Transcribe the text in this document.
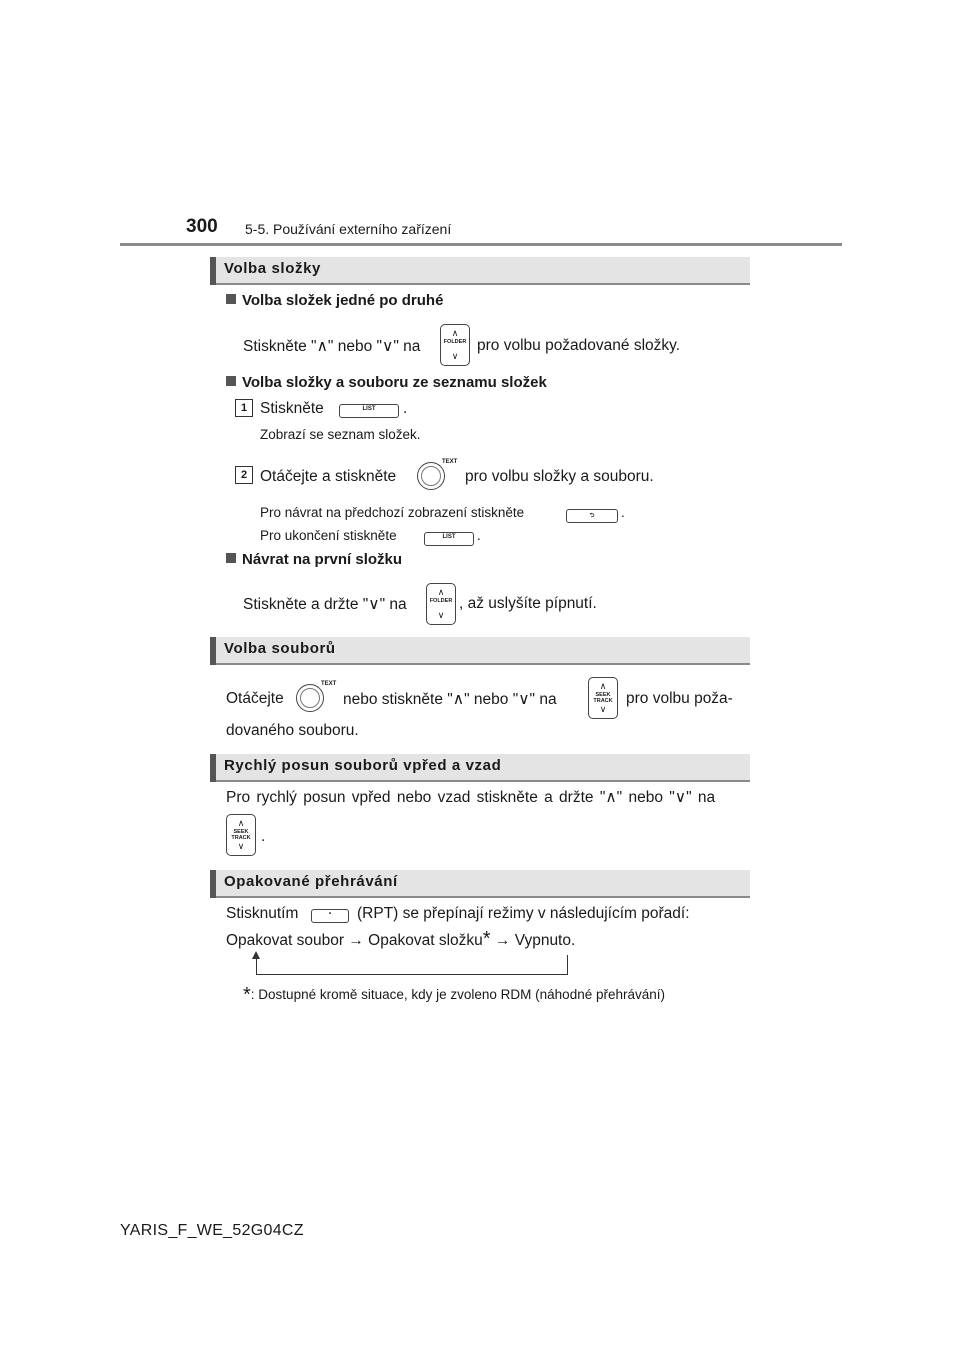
300 5-5. Používání externího zařízení
Volba složky
Volba složek jedné po druhé
Stiskněte "∧" nebo "∨" na
∧
FOLDER
∨
pro volbu požadované složky.
Volba složky a souboru ze seznamu složek
1 Stiskněte	LIST	.
Zobrazí se seznam složek.
2 Otáčejte a stiskněte
TEXT
pro volbu složky a souboru.
Pro návrat na předchozí zobrazení stiskněte	⮌	.
Pro ukončení stiskněte	LIST	.
Návrat na první složku
Stiskněte a držte "∨" na
∧
FOLDER
∨
, až uslyšíte pípnutí.
Volba souborů
Otáčejte
TEXT
nebo stiskněte "∧" nebo "∨" na
∧
SEEK
TRACK
∨
pro volbu poža-
dovaného souboru.
Rychlý posun souborů vpřed a vzad
Pro rychlý posun vpřed nebo vzad stiskněte a držte "∧" nebo "∨" na
∧
SEEK
TRACK
∨
.
Opakované přehrávání
Stisknutím	•	(RPT) se přepínají režimy v následujícím pořadí:
Opakovat soubor → Opakovat složku* → Vypnuto.
*: Dostupné kromě situace, kdy je zvoleno RDM (náhodné přehrávání)
YARIS_F_WE_52G04CZ
